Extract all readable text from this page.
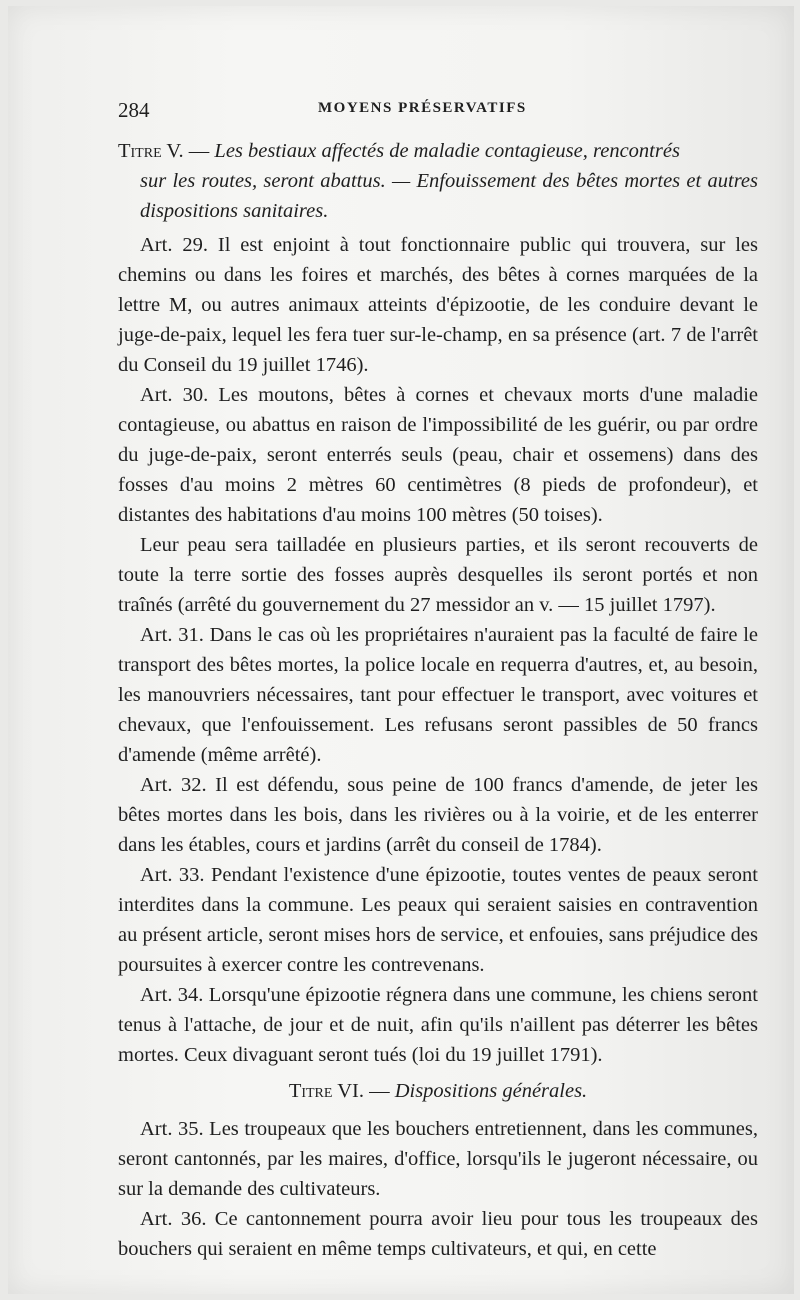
284	MOYENS PRÉSERVATIFS

Titre V. — Les bestiaux affectés de maladie contagieuse, rencontrés

sur les routes, seront abattus. — Enfouissement des bêtes mortes et autres dispositions sanitaires.

Art. 29. Il est enjoint à tout fonctionnaire public qui trouvera, sur les chemins ou dans les foires et marchés, des bêtes à cornes marquées de la lettre M, ou autres animaux atteints d'épizootie, de les conduire devant le juge-de-paix, lequel les fera tuer sur-le-champ, en sa présence (art. 7 de l'arrêt du Conseil du 19 juillet 1746).

Art. 30. Les moutons, bêtes à cornes et chevaux morts d'une maladie contagieuse, ou abattus en raison de l'impossibilité de les guérir, ou par ordre du juge-de-paix, seront enterrés seuls (peau, chair et ossemens) dans des fosses d'au moins 2 mètres 60 centimètres (8 pieds de profondeur), et distantes des habitations d'au moins 100 mètres (50 toises).

Leur peau sera tailladée en plusieurs parties, et ils seront recouverts de toute la terre sortie des fosses auprès desquelles ils seront portés et non traînés (arrêté du gouvernement du 27 messidor an v. — 15 juillet 1797).

Art. 31. Dans le cas où les propriétaires n'auraient pas la faculté de faire le transport des bêtes mortes, la police locale en requerra d'autres, et, au besoin, les manouvriers nécessaires, tant pour effectuer le transport, avec voitures et chevaux, que l'enfouissement. Les refusans seront passibles de 50 francs d'amende (même arrêté).

Art. 32. Il est défendu, sous peine de 100 francs d'amende, de jeter les bêtes mortes dans les bois, dans les rivières ou à la voirie, et de les enterrer dans les étables, cours et jardins (arrêt du conseil de 1784).

Art. 33. Pendant l'existence d'une épizootie, toutes ventes de peaux seront interdites dans la commune. Les peaux qui seraient saisies en contravention au présent article, seront mises hors de service, et enfouies, sans préjudice des poursuites à exercer contre les contrevenans.

Art. 34. Lorsqu'une épizootie régnera dans une commune, les chiens seront tenus à l'attache, de jour et de nuit, afin qu'ils n'aillent pas déterrer les bêtes mortes. Ceux divaguant seront tués (loi du 19 juillet 1791).

Titre VI. — Dispositions générales.

Art. 35. Les troupeaux que les bouchers entretiennent, dans les communes, seront cantonnés, par les maires, d'office, lorsqu'ils le jugeront nécessaire, ou sur la demande des cultivateurs.

Art. 36. Ce cantonnement pourra avoir lieu pour tous les troupeaux des bouchers qui seraient en même temps cultivateurs, et qui, en cette
